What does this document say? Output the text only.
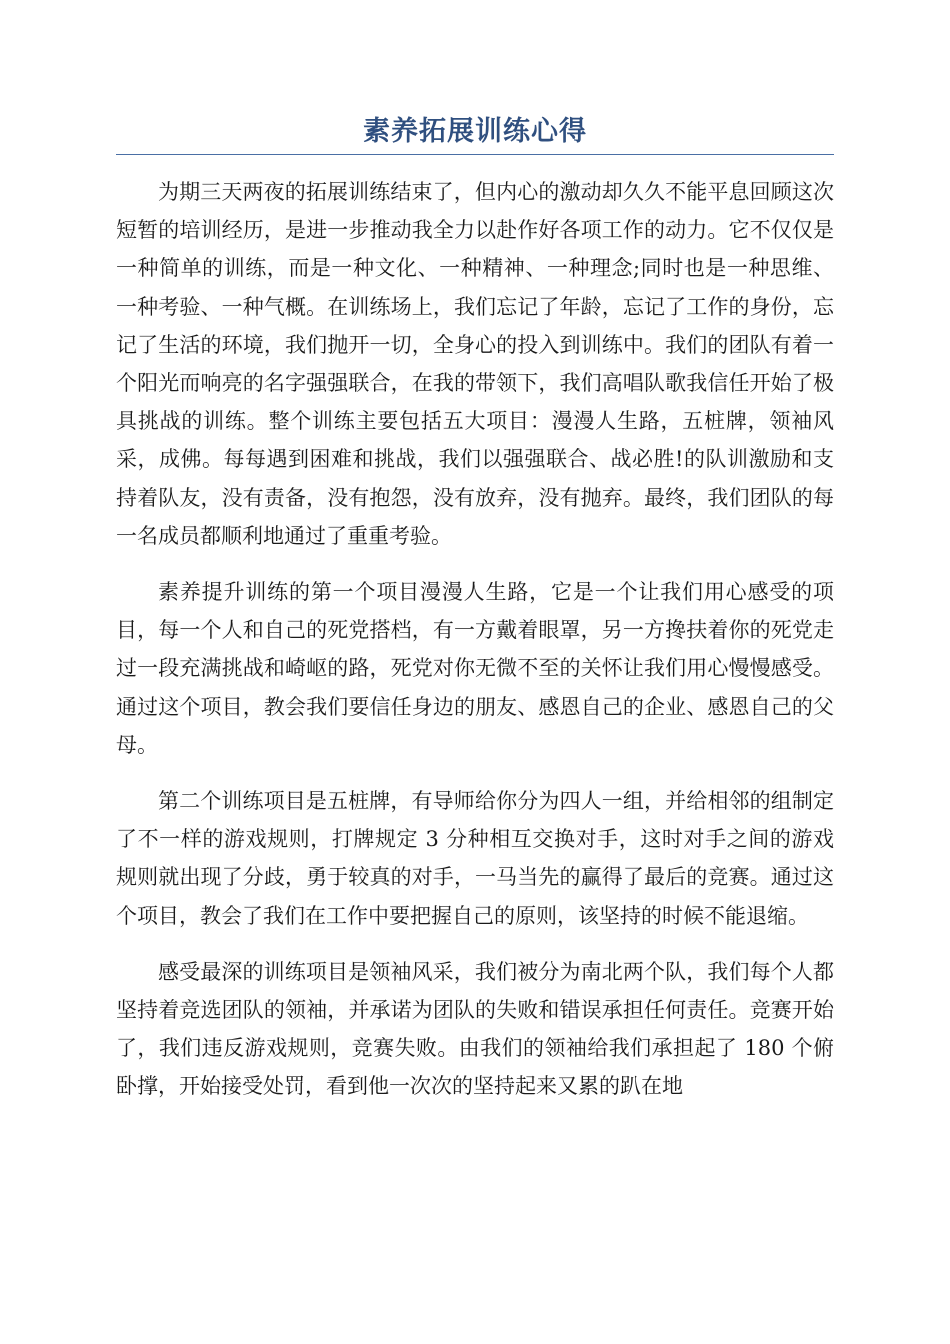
素养拓展训练心得

为期三天两夜的拓展训练结束了，但内心的激动却久久不能平息回顾这次短暂的培训经历，是进一步推动我全力以赴作好各项工作的动力。它不仅仅是一种简单的训练，而是一种文化、一种精神、一种理念;同时也是一种思维、一种考验、一种气概。在训练场上，我们忘记了年龄，忘记了工作的身份，忘记了生活的环境，我们抛开一切，全身心的投入到训练中。我们的团队有着一个阳光而响亮的名字强强联合，在我的带领下，我们高唱队歌我信任开始了极具挑战的训练。整个训练主要包括五大项目：漫漫人生路，五桩牌，领袖风采，成佛。每每遇到困难和挑战，我们以强强联合、战必胜!的队训激励和支持着队友，没有责备，没有抱怨，没有放弃，没有抛弃。最终，我们团队的每一名成员都顺利地通过了重重考验。

素养提升训练的第一个项目漫漫人生路，它是一个让我们用心感受的项目，每一个人和自己的死党搭档，有一方戴着眼罩，另一方搀扶着你的死党走过一段充满挑战和崎岖的路，死党对你无微不至的关怀让我们用心慢慢感受。通过这个项目，教会我们要信任身边的朋友、感恩自己的企业、感恩自己的父母。

第二个训练项目是五桩牌，有导师给你分为四人一组，并给相邻的组制定了不一样的游戏规则，打牌规定 3 分种相互交换对手，这时对手之间的游戏规则就出现了分歧，勇于较真的对手，一马当先的赢得了最后的竞赛。通过这个项目，教会了我们在工作中要把握自己的原则，该坚持的时候不能退缩。

感受最深的训练项目是领袖风采，我们被分为南北两个队，我们每个人都坚持着竞选团队的领袖，并承诺为团队的失败和错误承担任何责任。竞赛开始了，我们违反游戏规则，竞赛失败。由我们的领袖给我们承担起了 180 个俯卧撑，开始接受处罚，看到他一次次的坚持起来又累的趴在地
